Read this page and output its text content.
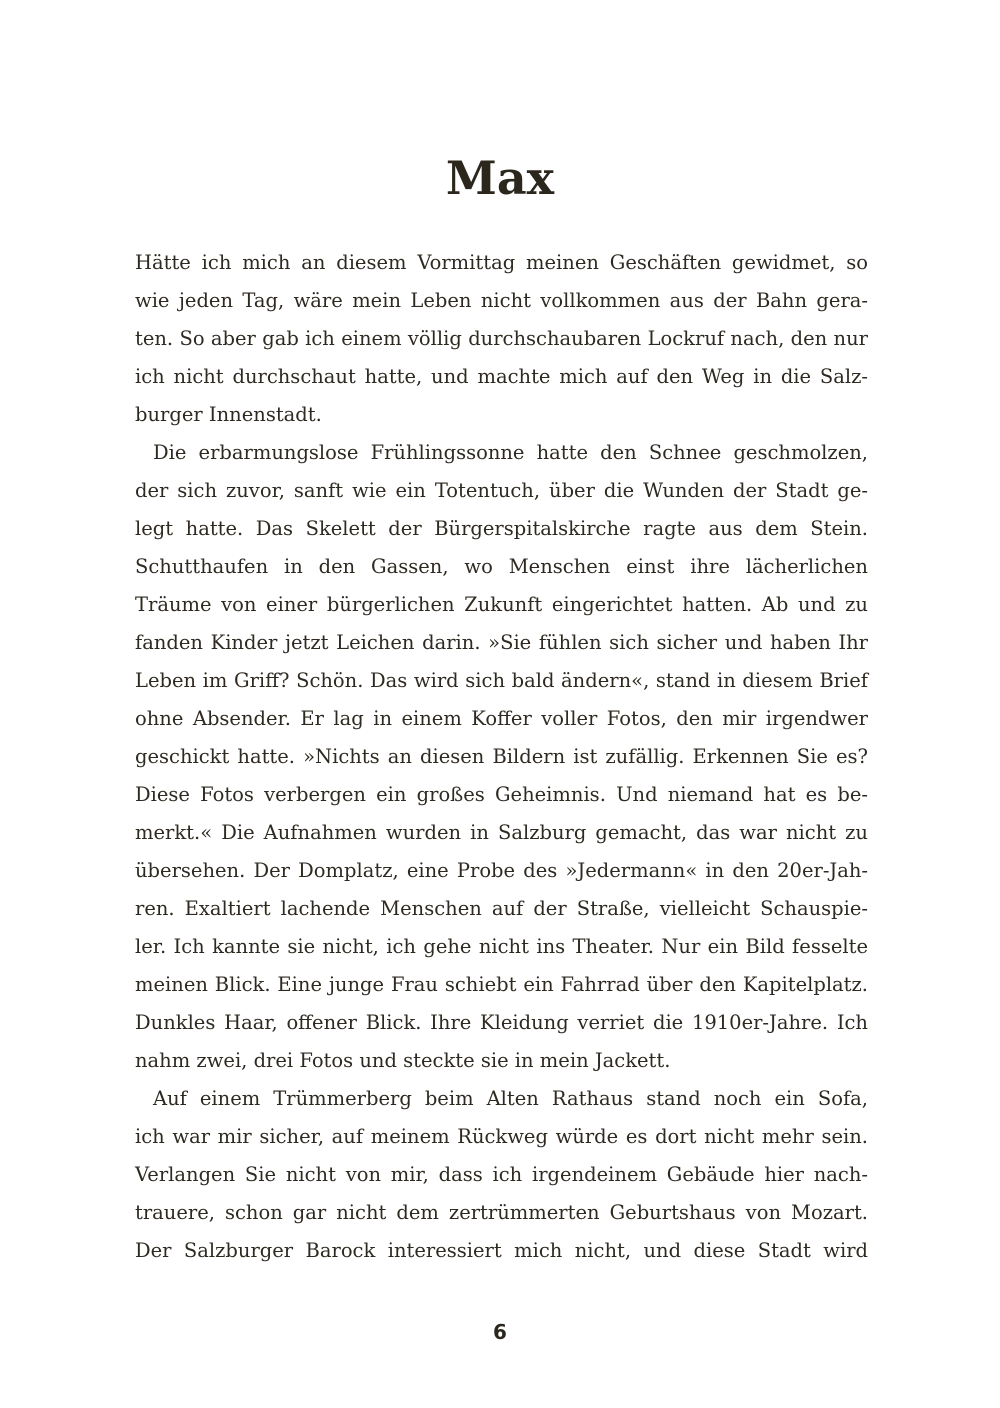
Max
Hätte ich mich an diesem Vormittag meinen Geschäften gewidmet, so
wie jeden Tag, wäre mein Leben nicht vollkommen aus der Bahn gera-
ten. So aber gab ich einem völlig durchschaubaren Lockruf nach, den nur
ich nicht durchschaut hatte, und machte mich auf den Weg in die Salz-
burger Innenstadt.
Die erbarmungslose Frühlingssonne hatte den Schnee geschmolzen,
der sich zuvor, sanft wie ein Totentuch, über die Wunden der Stadt ge-
legt hatte. Das Skelett der Bürgerspitalskirche ragte aus dem Stein.
Schutthaufen in den Gassen, wo Menschen einst ihre lächerlichen
Träume von einer bürgerlichen Zukunft eingerichtet hatten. Ab und zu
fanden Kinder jetzt Leichen darin. »Sie fühlen sich sicher und haben Ihr
Leben im Griff? Schön. Das wird sich bald ändern«, stand in diesem Brief
ohne Absender. Er lag in einem Koffer voller Fotos, den mir irgendwer
geschickt hatte. »Nichts an diesen Bildern ist zufällig. Erkennen Sie es?
Diese Fotos verbergen ein großes Geheimnis. Und niemand hat es be-
merkt.« Die Aufnahmen wurden in Salzburg gemacht, das war nicht zu
übersehen. Der Domplatz, eine Probe des »Jedermann« in den 20er-Jah-
ren. Exaltiert lachende Menschen auf der Straße, vielleicht Schauspie-
ler. Ich kannte sie nicht, ich gehe nicht ins Theater. Nur ein Bild fesselte
meinen Blick. Eine junge Frau schiebt ein Fahrrad über den Kapitelplatz.
Dunkles Haar, offener Blick. Ihre Kleidung verriet die 1910er-Jahre. Ich
nahm zwei, drei Fotos und steckte sie in mein Jackett.
Auf einem Trümmerberg beim Alten Rathaus stand noch ein Sofa,
ich war mir sicher, auf meinem Rückweg würde es dort nicht mehr sein.
Verlangen Sie nicht von mir, dass ich irgendeinem Gebäude hier nach-
trauere, schon gar nicht dem zertrümmerten Geburtshaus von Mozart.
Der Salzburger Barock interessiert mich nicht, und diese Stadt wird
6
